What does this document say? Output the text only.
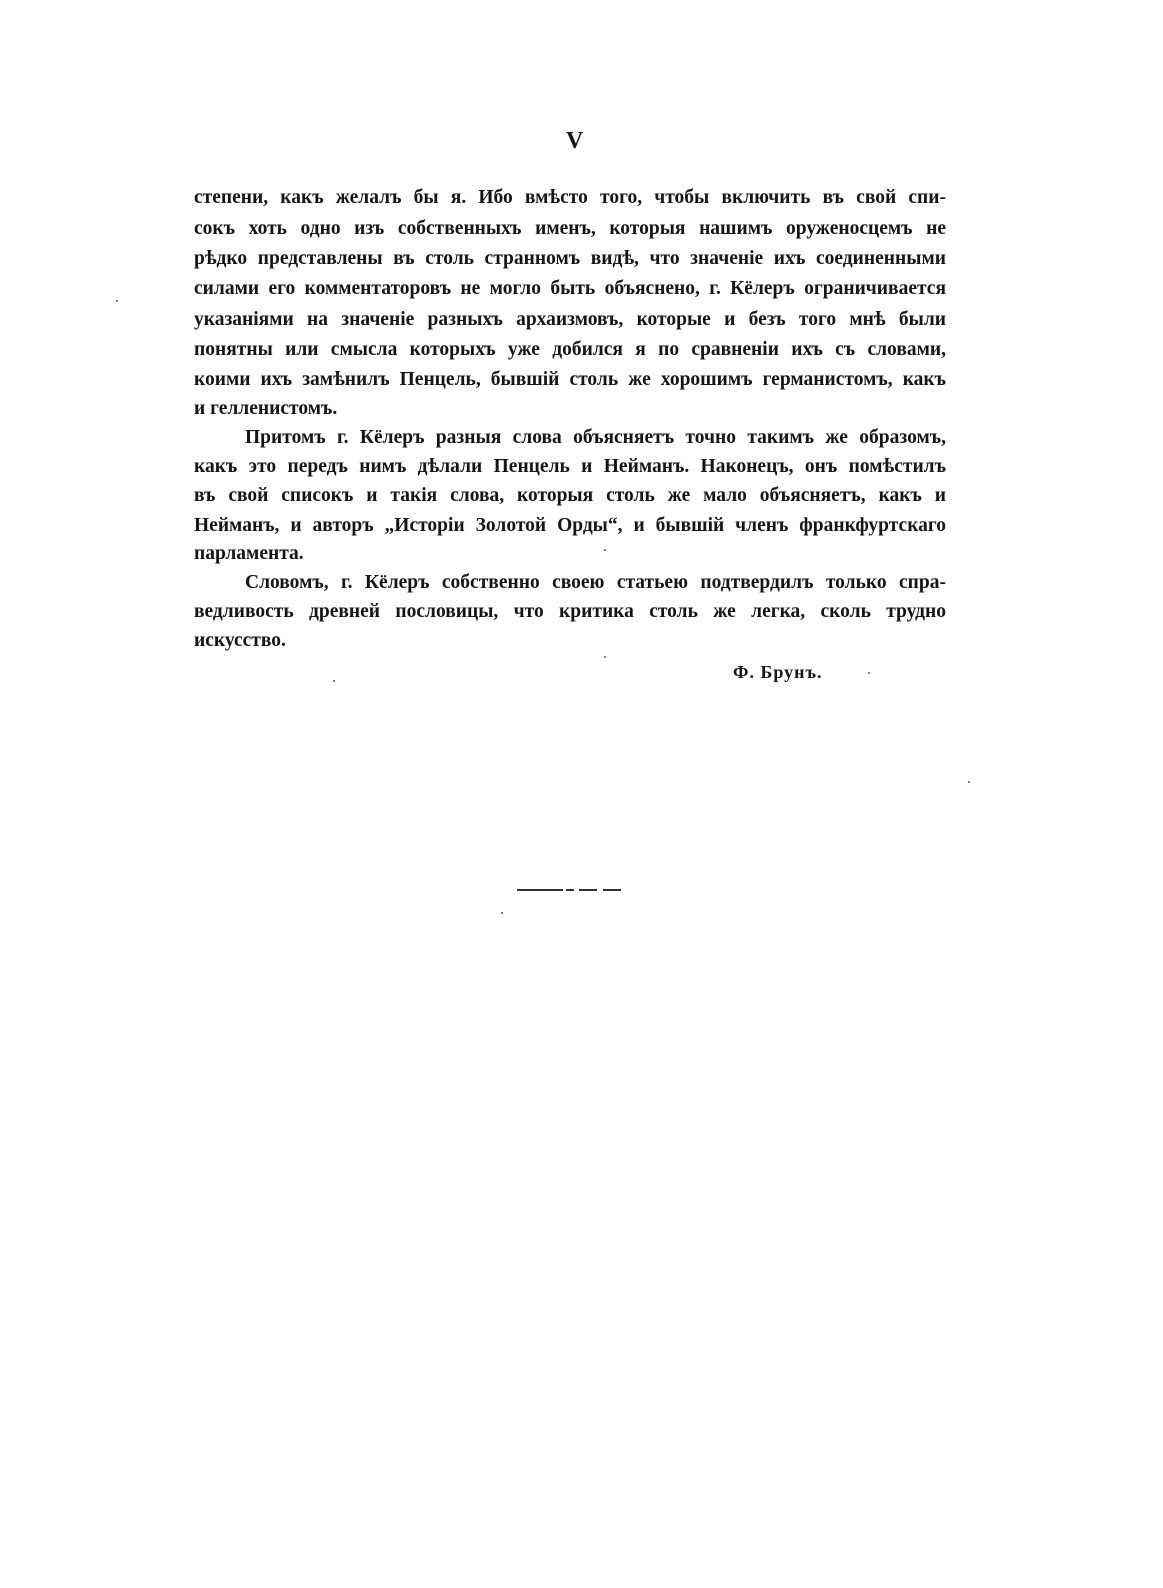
V
степени, какъ желалъ бы я. Ибо вмѣсто того, чтобы включить въ свой спи-
сокъ хоть одно изъ собственныхъ именъ, которыя нашимъ оруженосцемъ не
рѣдко представлены въ столь странномъ видѣ, что значенiе ихъ соединенными
силами его комментаторовъ не могло быть объяснено, г. Кёлеръ ограничивается
указанiями на значенiе разныхъ архаизмовъ, которые и безъ того мнѣ были
понятны или смысла которыхъ уже добился я по сравненiи ихъ съ словами,
коими ихъ замѣнилъ Пенцель, бывшiй столь же хорошимъ германистомъ, какъ
и гелленистомъ.
Притомъ г. Кёлеръ разныя слова объясняетъ точно такимъ же образомъ,
какъ это передъ нимъ дѣлали Пенцель и Нейманъ. Наконецъ, онъ помѣстилъ
въ свой списокъ и такiя слова, которыя столь же мало объясняетъ, какъ и
Нейманъ, и авторъ „Исторiи Золотой Орды“, и бывшiй членъ франкфуртскаго
парламента.
Словомъ, г. Кёлеръ собственно своею статьею подтвердилъ только спра-
ведливость древней пословицы, что критика столь же легка, сколь трудно
искусство.
Ф. Брунъ.
